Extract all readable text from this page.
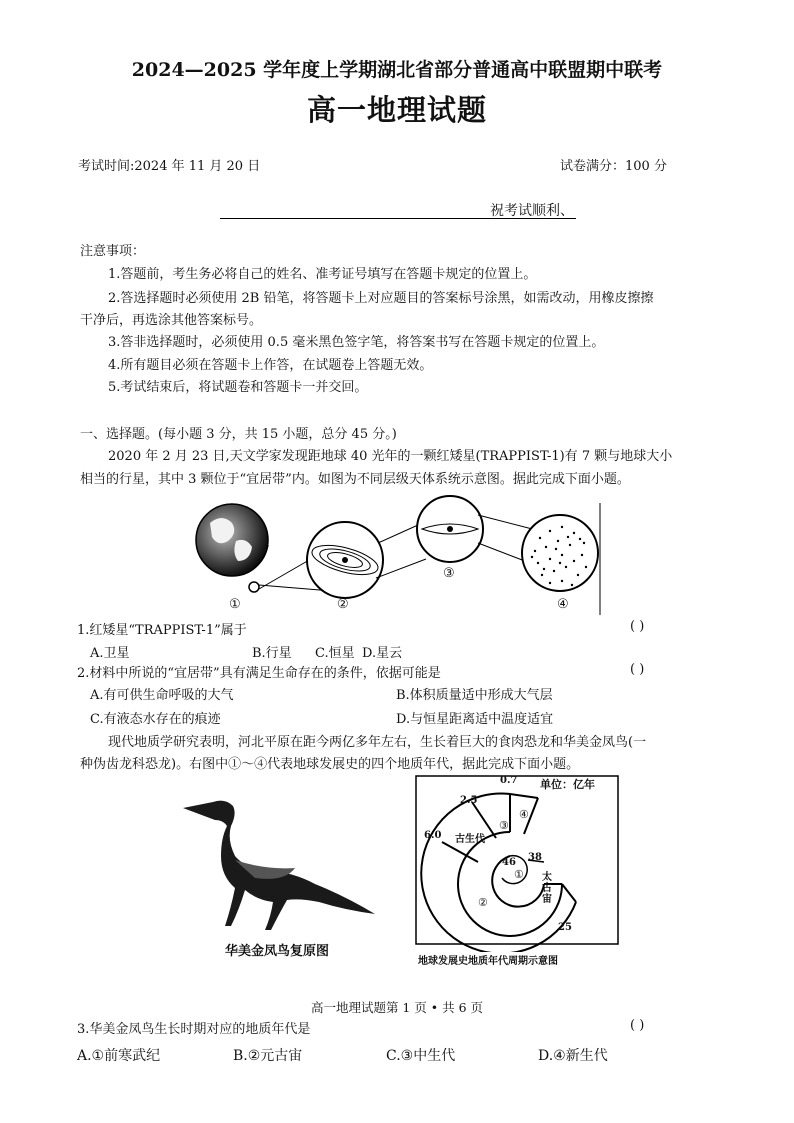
2024—2025 学年度上学期湖北省部分普通高中联盟期中联考
高一地理试题
考试时间:2024 年 11 月 20 日	试卷满分：100 分
祝考试顺利、
注意事项：
1.答题前，考生务必将自己的姓名、准考证号填写在答题卡规定的位置上。
2.答选择题时必须使用 2B 铅笔，将答题卡上对应题目的答案标号涂黑，如需改动，用橡皮擦擦
干净后，再选涂其他答案标号。
3.答非选择题时，必须使用 0.5 毫米黑色签字笔，将答案书写在答题卡规定的位置上。
4.所有题目必须在答题卡上作答，在试题卷上答题无效。
5.考试结束后，将试题卷和答题卡一并交回。
一、选择题。(每小题 3 分，共 15 小题，总分 45 分。)
2020 年 2 月 23 日,天文学家发现距地球 40 光年的一颗红矮星(TRAPPIST-1)有 7 颗与地球大小
相当的行星，其中 3 颗位于“宜居带”内。如图为不同层级天体系统示意图。据此完成下面小题。
①	②
③
④
1.红矮星“TRAPPIST-1”属于	( )
A.卫星	B.行星 C.恒星 D.星云
2.材料中所说的“宜居带”具有满足生命存在的条件，依据可能是	( )
A.有可供生命呼吸的大气	B.体积质量适中形成大气层
C.有液态水存在的痕迹	D.与恒星距离适中温度适宜
现代地质学研究表明，河北平原在距今两亿多年左右，生长着巨大的食肉恐龙和华美金凤鸟(一
种伪齿龙科恐龙)。右图中①～④代表地球发展史的四个地质年代，据此完成下面小题。
华美金凤鸟复原图
单位：亿年
0.7
2.5
6.0
46 38
25
古生代
太古宙
①
②
③
④
地球发展史地质年代周期示意图
高一地理试题第 1 页 • 共 6 页
3.华美金凤鸟生长时期对应的地质年代是	( )
A.①前寒武纪	B.②元古宙	C.③中生代	D.④新生代
